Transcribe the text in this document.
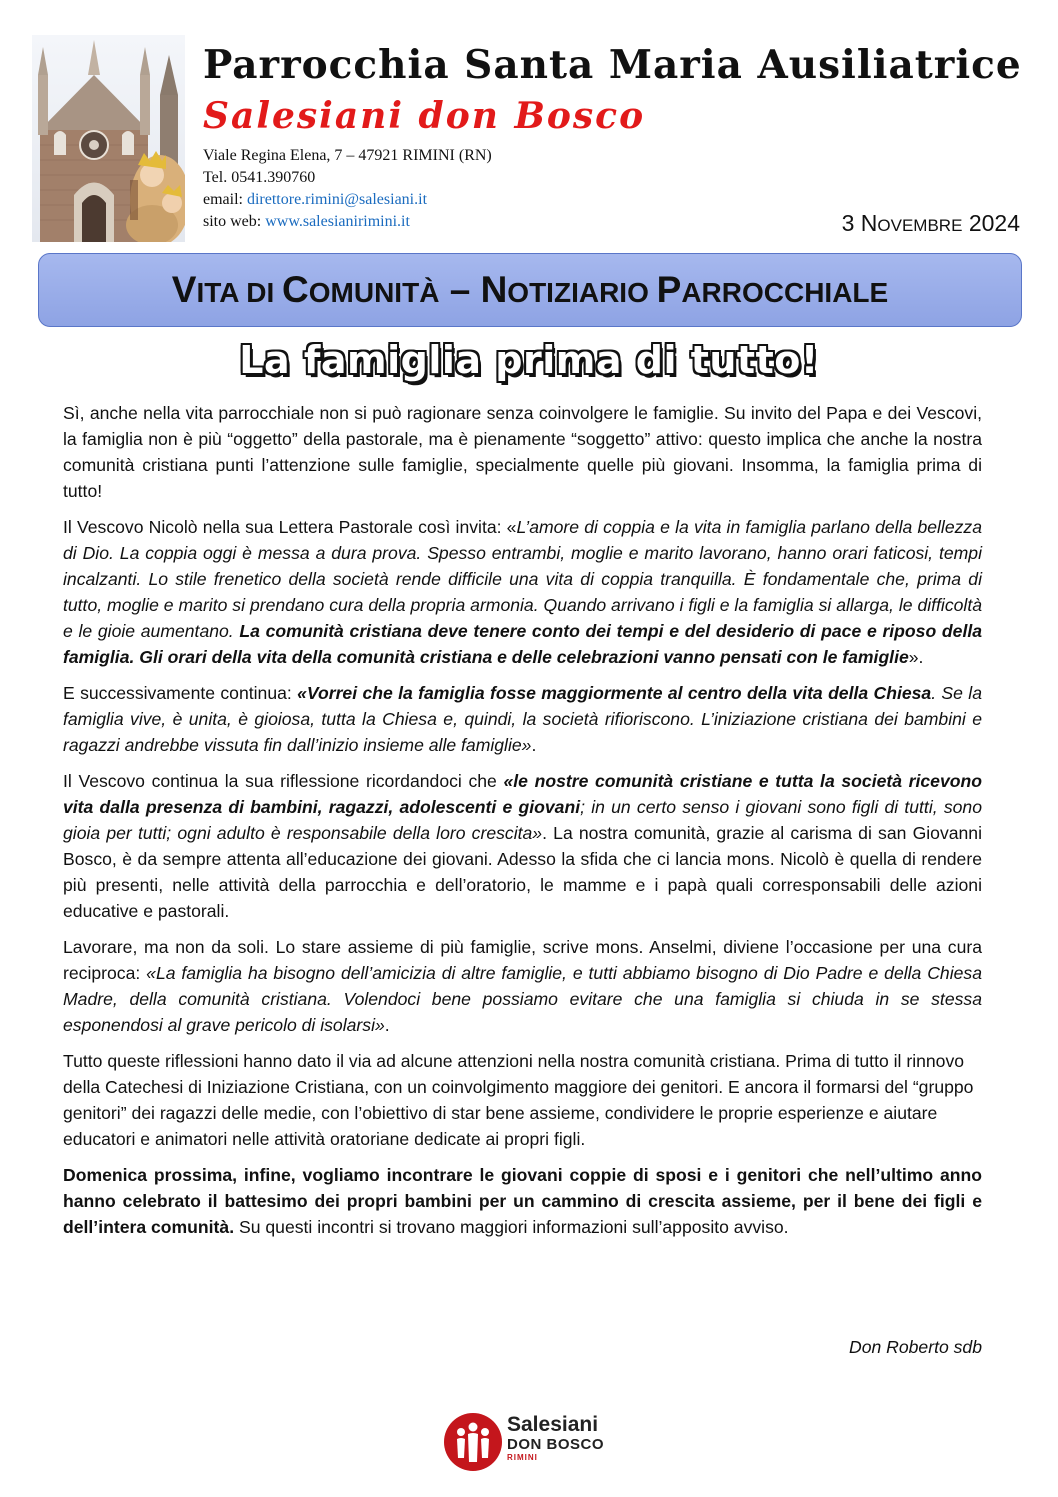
Parrocchia Santa Maria Ausiliatrice
Salesiani don Bosco
Viale Regina Elena, 7 – 47921 RIMINI (RN)
Tel. 0541.390760
email: direttore.rimini@salesiani.it
sito web: www.salesianirimini.it	3 NOVEMBRE 2024
VITA DI COMUNITÀ – NOTIZIARIO PARROCCHIALE
La famiglia prima di tutto!

Sì, anche nella vita parrocchiale non si può ragionare senza coinvolgere le famiglie. Su invito del Papa e dei Vescovi, la famiglia non è più “oggetto” della pastorale, ma è pienamente “soggetto” attivo: questo implica che anche la nostra comunità cristiana punti l’attenzione sulle famiglie, specialmente quelle più giovani. Insomma, la famiglia prima di tutto!

Il Vescovo Nicolò nella sua Lettera Pastorale così invita: «L’amore di coppia e la vita in famiglia parlano della bellezza di Dio. La coppia oggi è messa a dura prova. Spesso entrambi, moglie e marito lavorano, hanno orari faticosi, tempi incalzanti. Lo stile frenetico della società rende difficile una vita di coppia tranquilla. È fondamentale che, prima di tutto, moglie e marito si prendano cura della propria armonia. Quando arrivano i figli e la famiglia si allarga, le difficoltà e le gioie aumentano. La comunità cristiana deve tenere conto dei tempi e del desiderio di pace e riposo della famiglia. Gli orari della vita della comunità cristiana e delle celebrazioni vanno pensati con le famiglie».

E successivamente continua: «Vorrei che la famiglia fosse maggiormente al centro della vita della Chiesa. Se la famiglia vive, è unita, è gioiosa, tutta la Chiesa e, quindi, la società rifioriscono. L’iniziazione cristiana dei bambini e ragazzi andrebbe vissuta fin dall’inizio insieme alle famiglie».

Il Vescovo continua la sua riflessione ricordandoci che «le nostre comunità cristiane e tutta la società ricevono vita dalla presenza di bambini, ragazzi, adolescenti e giovani; in un certo senso i giovani sono figli di tutti, sono gioia per tutti; ogni adulto è responsabile della loro crescita». La nostra comunità, grazie al carisma di san Giovanni Bosco, è da sempre attenta all’educazione dei giovani. Adesso la sfida che ci lancia mons. Nicolò è quella di rendere più presenti, nelle attività della parrocchia e dell’oratorio, le mamme e i papà quali corresponsabili delle azioni educative e pastorali.

Lavorare, ma non da soli. Lo stare assieme di più famiglie, scrive mons. Anselmi, diviene l’occasione per una cura reciproca: «La famiglia ha bisogno dell’amicizia di altre famiglie, e tutti abbiamo bisogno di Dio Padre e della Chiesa Madre, della comunità cristiana. Volendoci bene possiamo evitare che una famiglia si chiuda in se stessa esponendosi al grave pericolo di isolarsi».

Tutto queste riflessioni hanno dato il via ad alcune attenzioni nella nostra comunità cristiana. Prima di tutto il rinnovo della Catechesi di Iniziazione Cristiana, con un coinvolgimento maggiore dei genitori. E ancora il formarsi del “gruppo genitori” dei ragazzi delle medie, con l’obiettivo di star bene assieme, condividere le proprie esperienze e aiutare educatori e animatori nelle attività oratoriane dedicate ai propri figli.

Domenica prossima, infine, vogliamo incontrare le giovani coppie di sposi e i genitori che nell’ultimo anno hanno celebrato il battesimo dei propri bambini per un cammino di crescita assieme, per il bene dei figli e dell’intera comunità. Su questi incontri si trovano maggiori informazioni sull’apposito avviso.

Don Roberto sdb

Salesiani
DON BOSCO
RIMINI
